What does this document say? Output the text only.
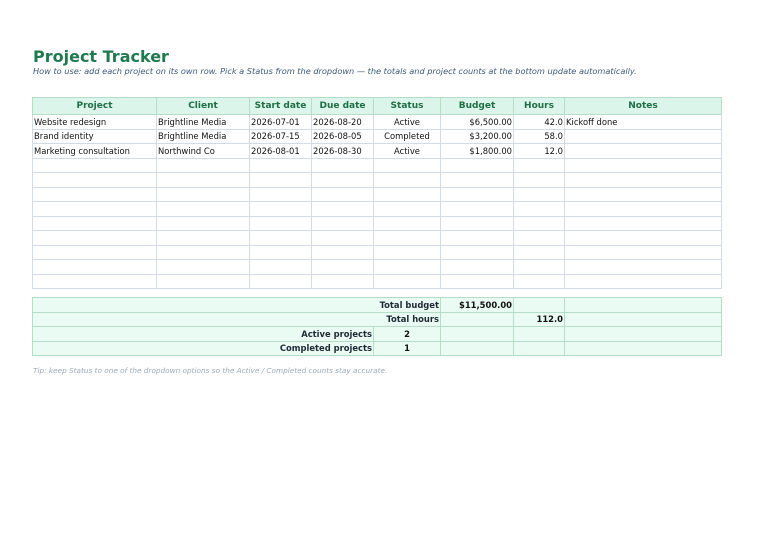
Project Tracker

How to use: add each project on its own row. Pick a Status from the dropdown — the totals and project counts at the bottom update automatically.

Project	Client	Start date	Due date	Status	Budget	Hours	Notes
Website redesign	Brightline Media	2026-07-01	2026-08-20	Active	$6,500.00	42.0	Kickoff done
Brand identity	Brightline Media	2026-07-15	2026-08-05	Completed	$3,200.00	58.0	
Marketing consultation	Northwind Co	2026-08-01	2026-08-30	Active	$1,800.00	12.0	

Total budget		$11,500.00		
Total hours			112.0	
Active projects	2			
Completed projects	1			

Tip: keep Status to one of the dropdown options so the Active / Completed counts stay accurate.
